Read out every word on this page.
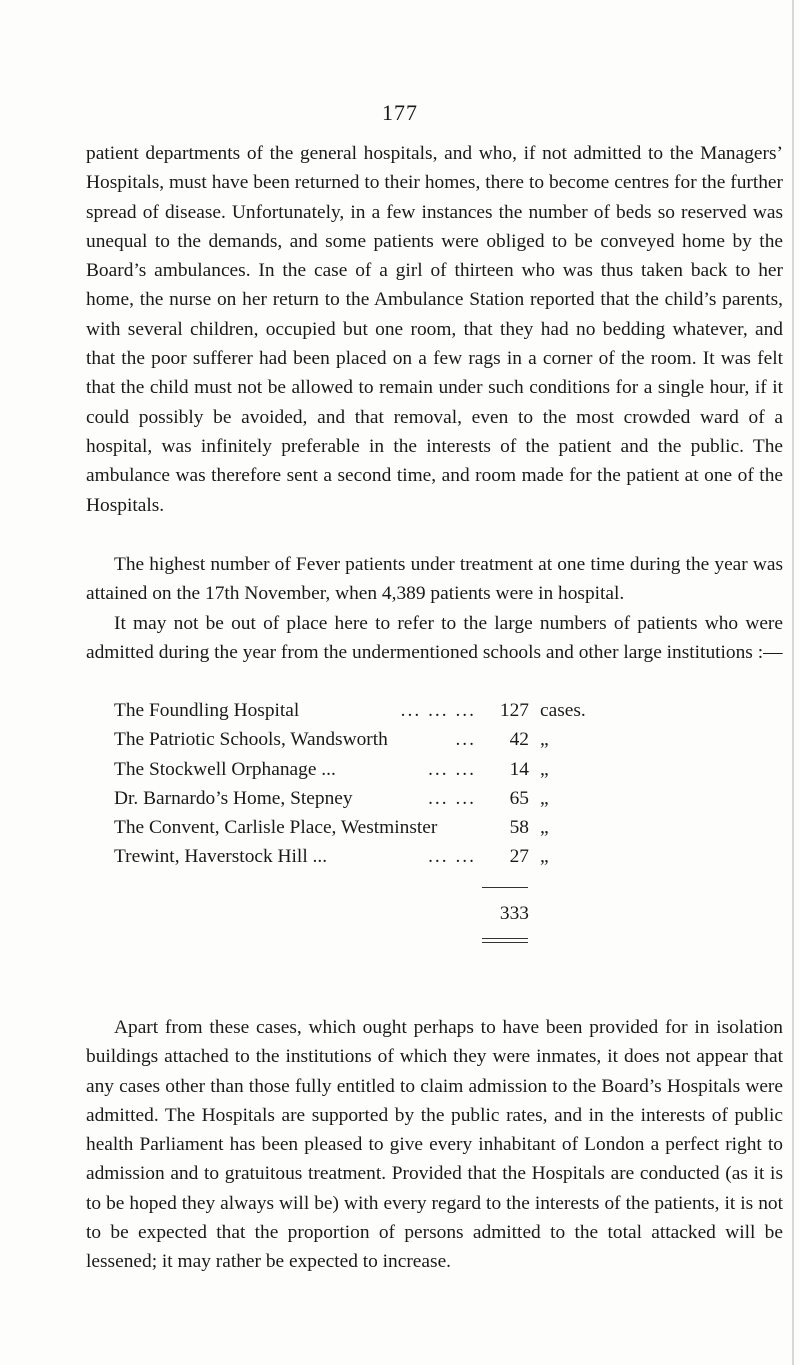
177

patient departments of the general hospitals, and who, if not admitted to the Managers’ Hospitals, must have been returned to their homes, there to become centres for the further spread of disease. Unfortunately, in a few instances the number of beds so reserved was unequal to the demands, and some patients were obliged to be conveyed home by the Board’s ambulances. In the case of a girl of thirteen who was thus taken back to her home, the nurse on her return to the Ambulance Station reported that the child’s parents, with several children, occupied but one room, that they had no bedding whatever, and that the poor sufferer had been placed on a few rags in a corner of the room. It was felt that the child must not be allowed to remain under such conditions for a single hour, if it could possibly be avoided, and that removal, even to the most crowded ward of a hospital, was infinitely preferable in the interests of the patient and the public. The ambulance was therefore sent a second time, and room made for the patient at one of the Hospitals.

The highest number of Fever patients under treatment at one time during the year was attained on the 17th November, when 4,389 patients were in hospital.

It may not be out of place here to refer to the large numbers of patients who were admitted during the year from the undermentioned schools and other large institutions :—

The Foundling Hospital	... ... ...	127 cases.
The Patriotic Schools, Wandsworth	...	42 „
The Stockwell Orphanage ...	... ...	14 „
Dr. Barnardo’s Home, Stepney	... ...	65 „
The Convent, Carlisle Place, Westminster	58 „
Trewint, Haverstock Hill ...	... ...	27 „
333

Apart from these cases, which ought perhaps to have been provided for in isolation buildings attached to the institutions of which they were inmates, it does not appear that any cases other than those fully entitled to claim admission to the Board’s Hospitals were admitted. The Hospitals are supported by the public rates, and in the interests of public health Parliament has been pleased to give every inhabitant of London a perfect right to admission and to gratuitous treatment. Provided that the Hospitals are conducted (as it is to be hoped they always will be) with every regard to the interests of the patients, it is not to be expected that the proportion of persons admitted to the total attacked will be lessened; it may rather be expected to increase.
